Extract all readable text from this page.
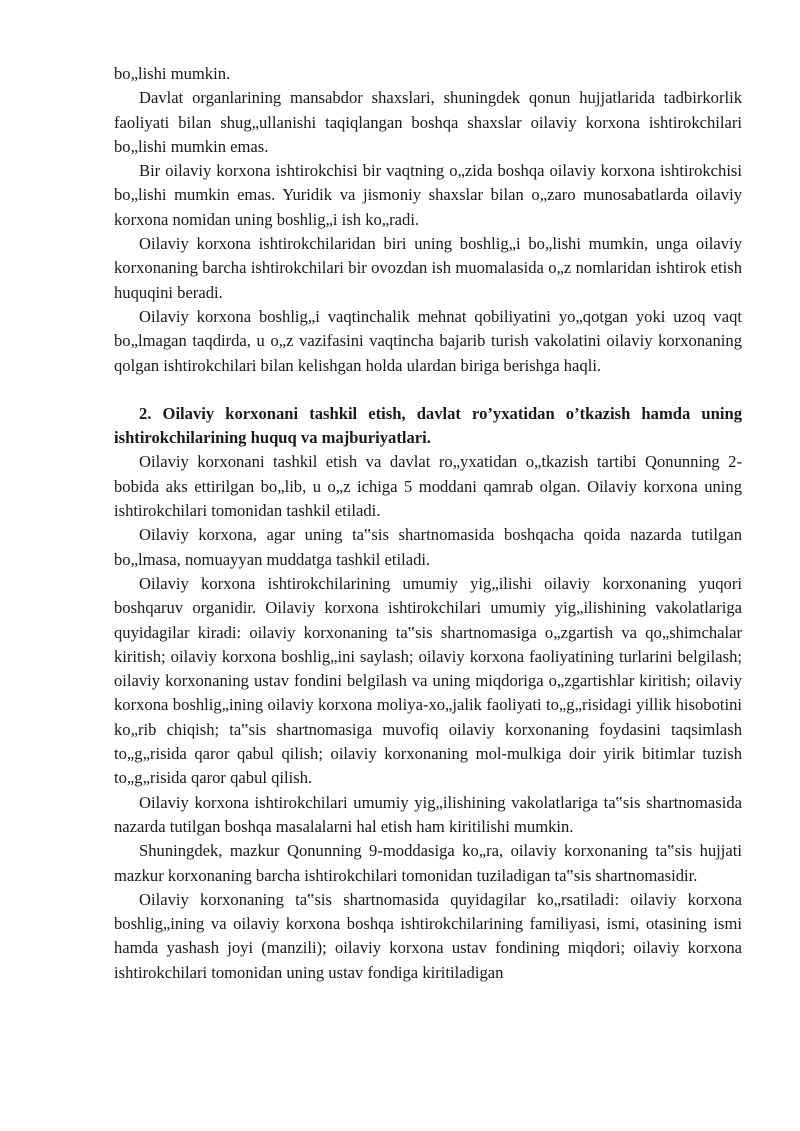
bo„lishi mumkin.

Davlat organlarining mansabdor shaxslari, shuningdek qonun hujjatlarida tadbirkorlik faoliyati bilan shug„ullanishi taqiqlangan boshqa shaxslar oilaviy korxona ishtirokchilari bo„lishi mumkin emas.

Bir oilaviy korxona ishtirokchisi bir vaqtning o„zida boshqa oilaviy korxona ishtirokchisi bo„lishi mumkin emas. Yuridik va jismoniy shaxslar bilan o„zaro munosabatlarda oilaviy korxona nomidan uning boshlig„i ish ko„radi.

Oilaviy korxona ishtirokchilaridan biri uning boshlig„i bo„lishi mumkin, unga oilaviy korxonaning barcha ishtirokchilari bir ovozdan ish muomalasida o„z nomlaridan ishtirok etish huquqini beradi.

Oilaviy korxona boshlig„i vaqtinchalik mehnat qobiliyatini yo„qotgan yoki uzoq vaqt bo„lmagan taqdirda, u o„z vazifasini vaqtincha bajarib turish vakolatini oilaviy korxonaning qolgan ishtirokchilari bilan kelishgan holda ulardan biriga berishga haqli.

2. Oilaviy korxonani tashkil etish, davlat ro’yxatidan o’tkazish hamda uning ishtirokchilarining huquq va majburiyatlari.

Oilaviy korxonani tashkil etish va davlat ro„yxatidan o„tkazish tartibi Qonunning 2-bobida aks ettirilgan bo„lib, u o„z ichiga 5 moddani qamrab olgan. Oilaviy korxona uning ishtirokchilari tomonidan tashkil etiladi.

Oilaviy korxona, agar uning ta‟sis shartnomasida boshqacha qoida nazarda tutilgan bo„lmasa, nomuayyan muddatga tashkil etiladi.

Oilaviy korxona ishtirokchilarining umumiy yig„ilishi oilaviy korxonaning yuqori boshqaruv organidir. Oilaviy korxona ishtirokchilari umumiy yig„ilishining vakolatlariga quyidagilar kiradi: oilaviy korxonaning ta‟sis shartnomasiga o„zgartish va qo„shimchalar kiritish; oilaviy korxona boshlig„ini saylash; oilaviy korxona faoliyatining turlarini belgilash; oilaviy korxonaning ustav fondini belgilash va uning miqdoriga o„zgartishlar kiritish; oilaviy korxona boshlig„ining oilaviy korxona moliya-xo„jalik faoliyati to„g„risidagi yillik hisobotini ko„rib chiqish; ta‟sis shartnomasiga muvofiq oilaviy korxonaning foydasini taqsimlash to„g„risida qaror qabul qilish; oilaviy korxonaning mol-mulkiga doir yirik bitimlar tuzish to„g„risida qaror qabul qilish.

Oilaviy korxona ishtirokchilari umumiy yig„ilishining vakolatlariga ta‟sis shartnomasida nazarda tutilgan boshqa masalalarni hal etish ham kiritilishi mumkin.

Shuningdek, mazkur Qonunning 9-moddasiga ko„ra, oilaviy korxonaning ta‟sis hujjati mazkur korxonaning barcha ishtirokchilari tomonidan tuziladigan ta‟sis shartnomasidir.

Oilaviy korxonaning ta‟sis shartnomasida quyidagilar ko„rsatiladi: oilaviy korxona boshlig„ining va oilaviy korxona boshqa ishtirokchilarining familiyasi, ismi, otasining ismi hamda yashash joyi (manzili); oilaviy korxona ustav fondining miqdori; oilaviy korxona ishtirokchilari tomonidan uning ustav fondiga kiritiladigan
